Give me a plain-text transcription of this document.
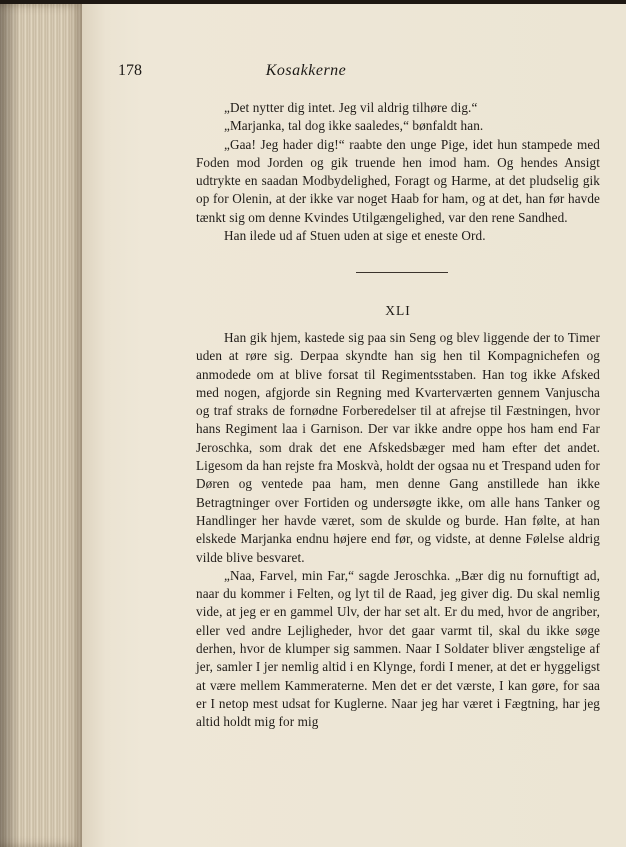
178	Kosakkerne

„Det nytter dig intet. Jeg vil aldrig tilhøre dig.“

„Marjanka, tal dog ikke saaledes,“ bønfaldt han.

„Gaa! Jeg hader dig!“ raabte den unge Pige, idet hun stampede med Foden mod Jorden og gik truende hen imod ham. Og hendes Ansigt udtrykte en saadan Modbydelighed, Foragt og Harme, at det pludselig gik op for Olenin, at der ikke var noget Haab for ham, og at det, han før havde tænkt sig om denne Kvindes Utilgængelighed, var den rene Sandhed.

Han ilede ud af Stuen uden at sige et eneste Ord.

XLI

Han gik hjem, kastede sig paa sin Seng og blev liggende der to Timer uden at røre sig. Derpaa skyndte han sig hen til Kompagnichefen og anmodede om at blive forsat til Regimentsstaben. Han tog ikke Afsked med nogen, afgjorde sin Regning med Kvarterværten gennem Vanjuscha og traf straks de fornødne Forberedelser til at afrejse til Fæstningen, hvor hans Regiment laa i Garnison. Der var ikke andre oppe hos ham end Far Jeroschka, som drak det ene Afskedsbæger med ham efter det andet. Ligesom da han rejste fra Moskvà, holdt der ogsaa nu et Trespand uden for Døren og ventede paa ham, men denne Gang anstillede han ikke Betragtninger over Fortiden og undersøgte ikke, om alle hans Tanker og Handlinger her havde været, som de skulde og burde. Han følte, at han elskede Marjanka endnu højere end før, og vidste, at denne Følelse aldrig vilde blive besvaret.

„Naa, Farvel, min Far,“ sagde Jeroschka. „Bær dig nu fornuftigt ad, naar du kommer i Felten, og lyt til de Raad, jeg giver dig. Du skal nemlig vide, at jeg er en gammel Ulv, der har set alt. Er du med, hvor de angriber, eller ved andre Lejligheder, hvor det gaar varmt til, skal du ikke søge derhen, hvor de klumper sig sammen. Naar I Soldater bliver ængstelige af jer, samler I jer nemlig altid i en Klynge, fordi I mener, at det er hyggeligst at være mellem Kammeraterne. Men det er det værste, I kan gøre, for saa er I netop mest udsat for Kuglerne. Naar jeg har været i Fægtning, har jeg altid holdt mig for mig
